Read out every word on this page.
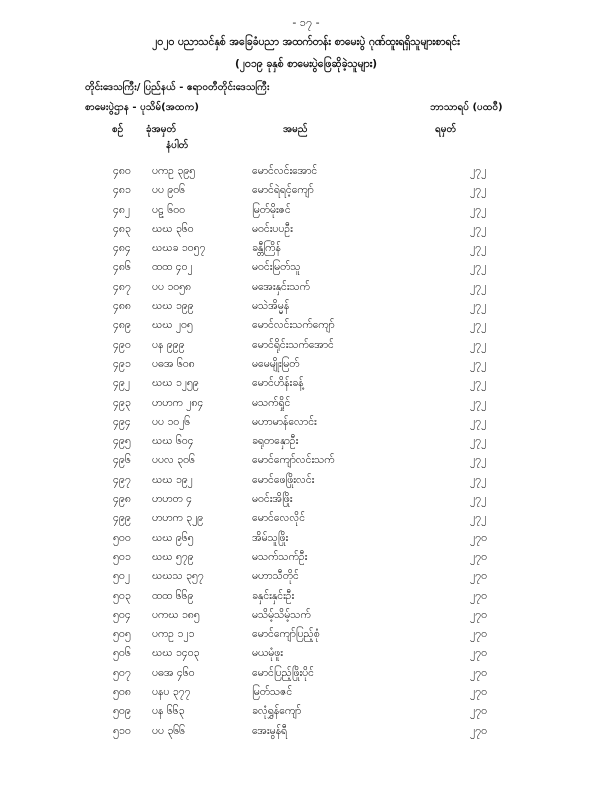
- ၁၇ -
၂၀၂၀ ပညာသင်နှစ် အခြေခံပညာ အထက်တန်း စာမေးပွဲ ဂုဏ်ထူးရရှိသူများစာရင်း
(၂၀၁၉ ခုနှစ် စာမေးပွဲဖြေဆိုခဲ့သူများ)
တိုင်းဒေသကြီး/ ပြည်နယ် - ဧရာဝတီတိုင်းဒေသကြီး
စာမေးပွဲဌာန - ပုသိမ်(အထက)	ဘာသာရပ် (ပထဝီ)
စဉ် ခုံအမှတ်
နံပါတ်
အမည်	ရမှတ်
၄၈၀ ပကဥ ၃၉၅	မောင်လင်းအောင်	၂၇၂
၄၈၁ ပပ ၉၀၆	မောင်ရဲရင့်ကျော်	၂၇၂
၄၈၂ ပဠ ၆၀၀	မြတ်မိုးဇင်	၂၇၂
၄၈၃ ဃဃ ၃၆၀	မဝင်းပပဦး	၂၇၂
၄၈၄ ဃဃခ ၁၀၅၇	ခန္တီကြိန်	၂၇၂
၄၈၆ ထထ ၄၀၂	မဝင်းမြတ်သူ	၂၇၂
၄၈၇ ပပ ၁၀၅၈	မအေးနှင်းသက်	၂၇၂
၄၈၈ ဃဃ ၁၉၉	မသဲအိမ္မန်	၂၇၂
၄၈၉ ဃဃ ၂၀၅	မောင်လင်းသက်ကျော်	၂၇၂
၄၉၀ ပန ၉၉၉	မောင်ရိုင်းသက်အောင်	၂၇၂
၄၉၁ ပဓအ ၆၀၈	မမေမျိုးမြတ်	၂၇၂
၄၉၂ ဃဃ ၁၂၅၉	မောင်ဟိန်းခန့်	၂၇၂
၄၉၃ ဟဟက ၂၈၄	မသက်ရှိုင်	၂၇၂
၄၉၄ ပပ ၁၀၂၆	မဟာမာန်လောင်း	၂၇၂
၄၉၅ ဃဃ ၆၀၄	ခရုတနှောဦး	၂၇၂
၄၉၆ ပပလ ၃၀၆	မောင်ကျော်လင်းသက်	၂၇၂
၄၉၇ ဃဃ ၁၉၂	မောင်ဖေဖြိုးလင်း	၂၇၂
၄၉၈ ဟဟတ ၄	မဝင်းအိဖြိုး	၂၇၂
၄၉၉ ဟဟက ၃၂၉	မောင်လေလိုင်	၂၇၂
၅၀၀ ဃဃ ၉၆၅	အိမ်သူဖြိုး	၂၇၀
၅၀၁ ဃဃ ၅၇၉	မသက်သက်ဦး	၂၇၀
၅၀၂ ဃဃသ ၃၅၇	မဟာသီတိုင်	၂၇၀
၅၀၃ ထထ ၆၆၉	ခနှင်းနှင်းဦး	၂၇၀
၅၀၄ ပကဃ ၁၈၅	မသိမ့်သိမ့်သက်	၂၇၀
၅၀၅ ပကဥ ၁၂၁	မောင်ကျော်ပြည့်စုံ	၂၇၀
၅၀၆ ဃဃ ၁၄၀၃	မယမုံဖူး	၂၇၀
၅၀၇ ပဓအ ၄၆၀	မောင်ပြည့်ဖြိုးပိုင်	၂၇၀
၅၀၈ ပနပ ၃၇၇	မြတ်သဇင်	၂၇၀
၅၀၉ ပန ၆၆၃	ခလုံရွှန်ကျော်	၂၇၀
၅၁၀ ပပ ၃၆၆	အေးမွန်ရီ	၂၇၀
